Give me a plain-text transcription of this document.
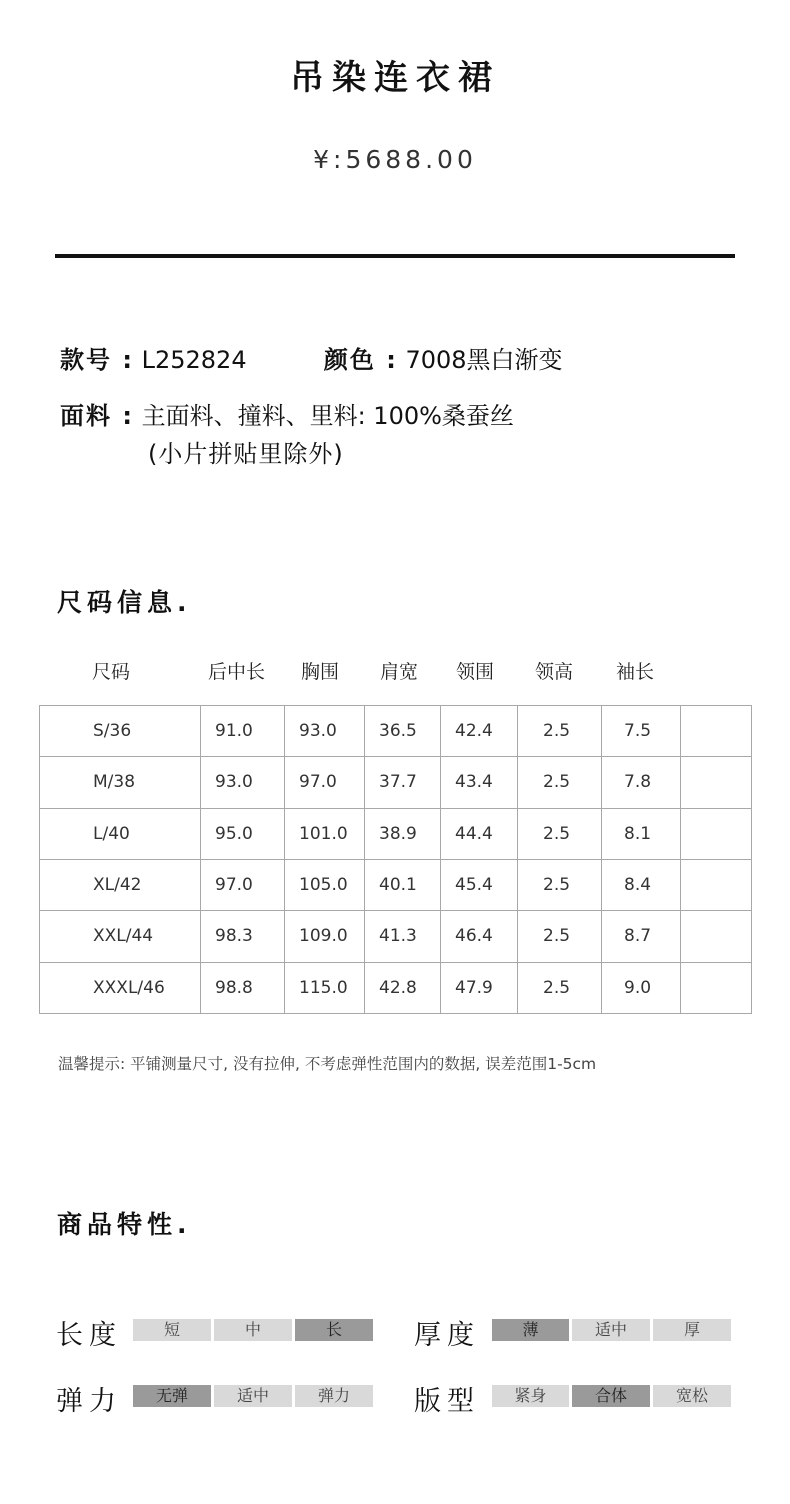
吊染连衣裙
¥:5688.00
款号 : L252824	颜色 : 7008黑白渐变
面料 : 主面料、撞料、里料: 100%桑蚕丝
(小片拼贴里除外)
尺码信息.
尺码	后中长 胸围 肩宽 领围 领高 袖长
S/36	91.0	93.0	36.5	42.4	2.5	7.5	
M/38	93.0	97.0	37.7	43.4	2.5	7.8	
L/40	95.0	101.0	38.9	44.4	2.5	8.1	
XL/42	97.0	105.0	40.1	45.4	2.5	8.4	
XXL/44	98.3	109.0	41.3	46.4	2.5	8.7	
XXXL/46	98.8	115.0	42.8	47.9	2.5	9.0	
温馨提示: 平铺测量尺寸, 没有拉伸, 不考虑弹性范围内的数据, 误差范围1-5cm
商品特性.
长度	短	中	长	厚度	薄	适中	厚
弹力	无弹	适中	弹力	版型	紧身	合体	宽松
